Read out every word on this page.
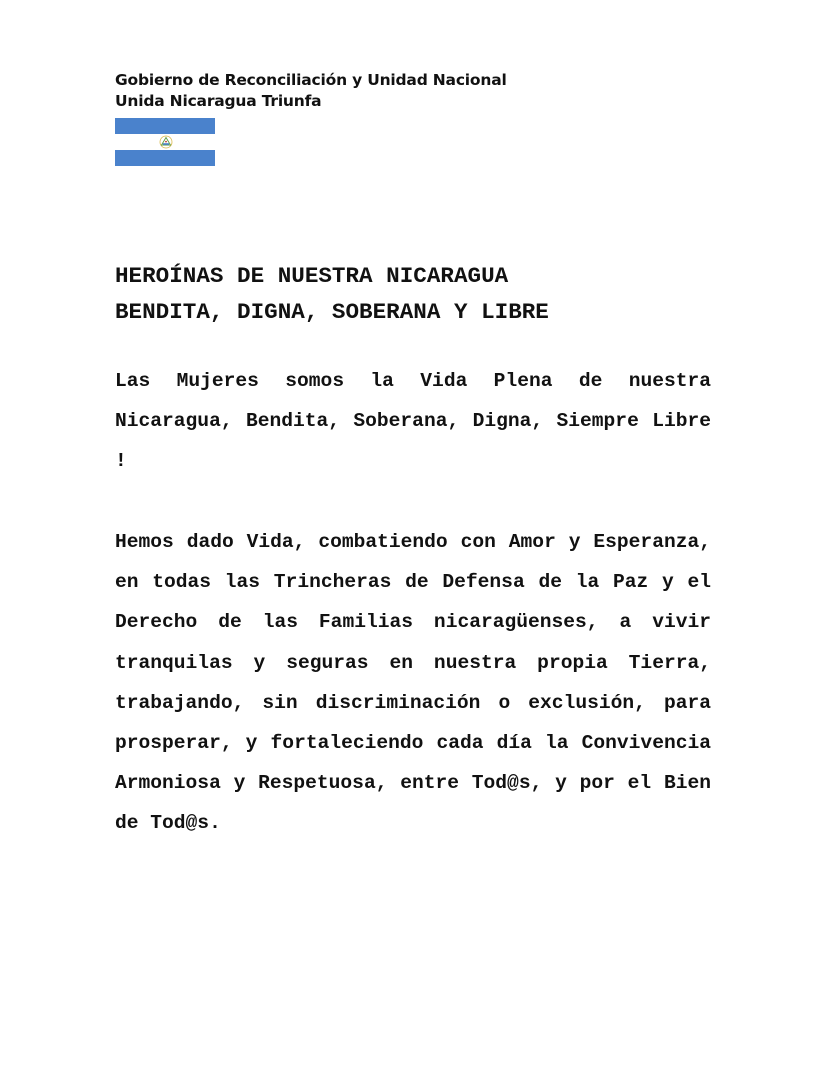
Gobierno de Reconciliación y Unidad Nacional
Unida Nicaragua Triunfa
HEROÍNAS DE NUESTRA NICARAGUA
BENDITA, DIGNA, SOBERANA Y LIBRE

Las Mujeres somos la Vida Plena de nuestra Nicaragua, Bendita, Soberana, Digna, Siempre Libre !

Hemos dado Vida, combatiendo con Amor y Esperanza, en todas las Trincheras de Defensa de la Paz y el Derecho de las Familias nicaragüenses, a vivir tranquilas y seguras en nuestra propia Tierra, trabajando, sin discriminación o exclusión, para prosperar, y fortaleciendo cada día la Convivencia Armoniosa y Respetuosa, entre Tod@s, y por el Bien de Tod@s.
